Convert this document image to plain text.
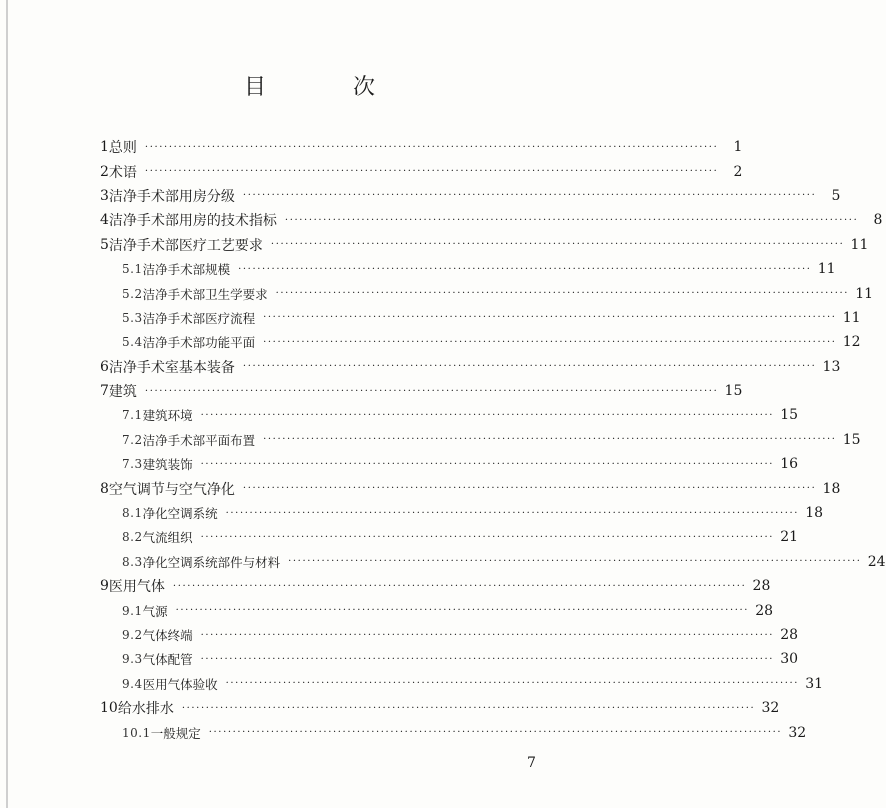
目 次
1 总则 ························································································································	1
2 术语 ························································································································	2
3 洁净手术部用房分级 ························································································································	5
4 洁净手术部用房的技术指标 ························································································································	8
5 洁净手术部医疗工艺要求 ························································································································ 11
5.1 洁净手术部规模 ························································································································ 11
5.2 洁净手术部卫生学要求 ························································································································ 11
5.3 洁净手术部医疗流程 ························································································································ 11
5.4 洁净手术部功能平面 ························································································································ 12
6 洁净手术室基本装备 ························································································································ 13
7 建筑 ························································································································ 15
7.1 建筑环境 ························································································································ 15
7.2 洁净手术部平面布置 ························································································································ 15
7.3 建筑装饰 ························································································································ 16
8 空气调节与空气净化 ························································································································ 18
8.1 净化空调系统 ························································································································ 18
8.2 气流组织 ························································································································ 21
8.3 净化空调系统部件与材料 ························································································································ 24
9 医用气体 ························································································································ 28
9.1 气源 ························································································································ 28
9.2 气体终端 ························································································································ 28
9.3 气体配管 ························································································································ 30
9.4 医用气体验收 ························································································································ 31
10 给水排水 ························································································································ 32
10.1 一般规定 ························································································································ 32
7
